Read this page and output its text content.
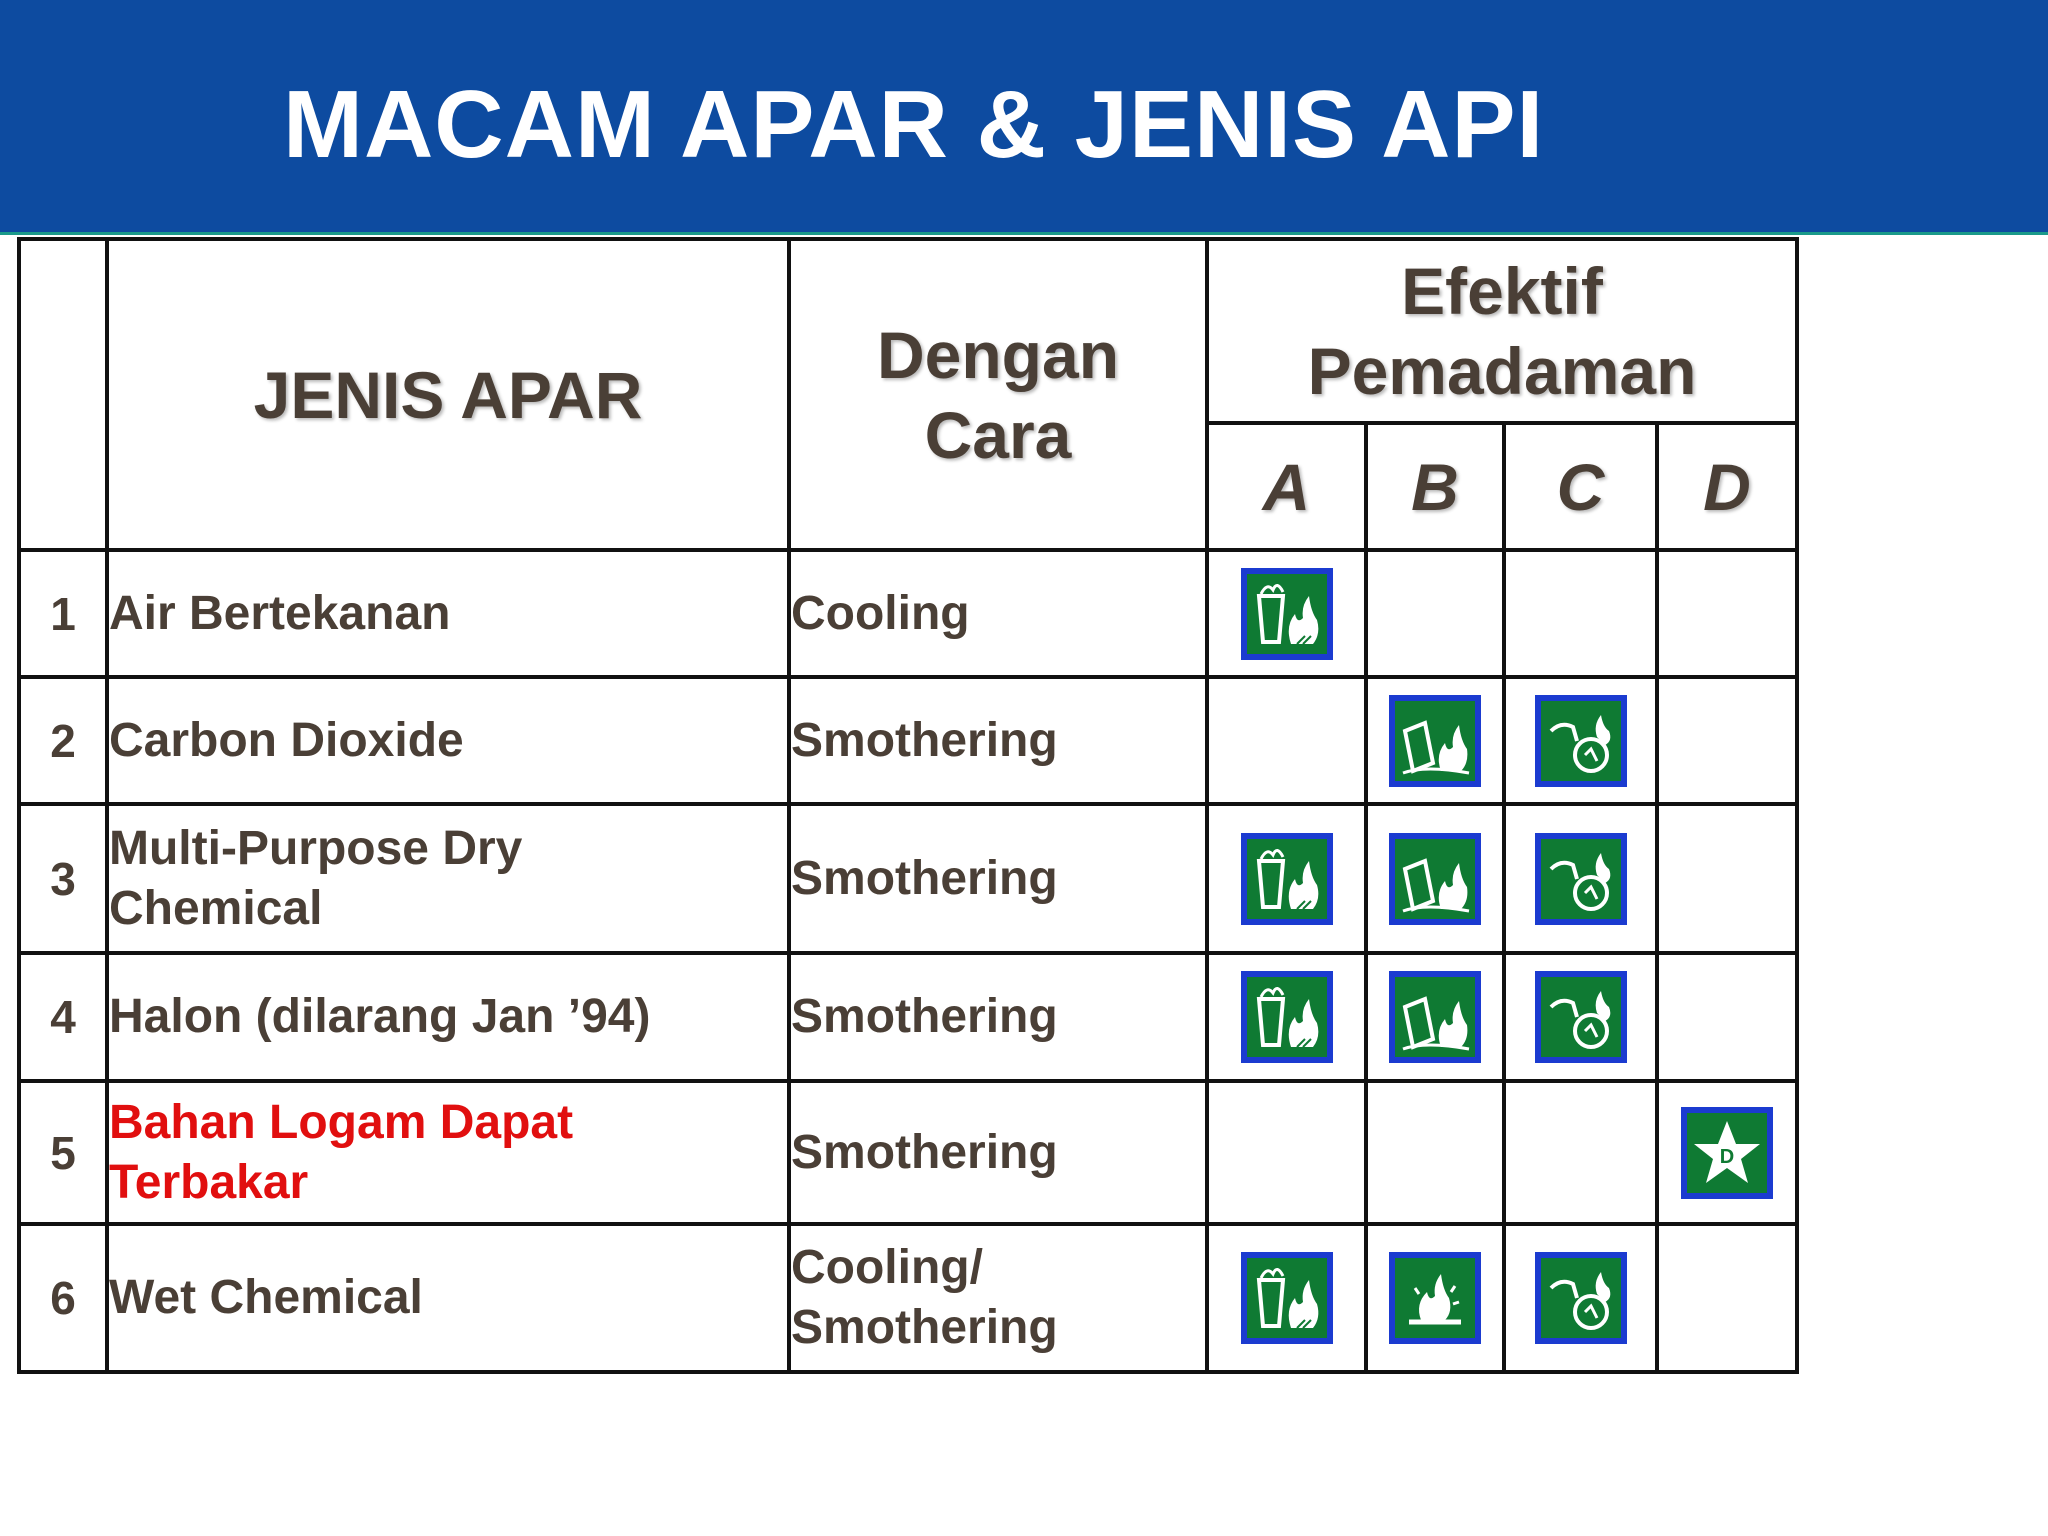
MACAM APAR & JENIS API
	JENIS APAR	Dengan Cara	Efektif Pemadaman			
			A	B	C	D
1	Air Bertekanan	Cooling	

2	Carbon Dioxide	Smothering		

3	Multi-Purpose Dry Chemical	Smothering	

4	Halon (dilarang Jan ’94)	Smothering	

5	Bahan Logam Dapat Terbakar	Smothering				D

6	Wet Chemical	Cooling/ Smothering	
